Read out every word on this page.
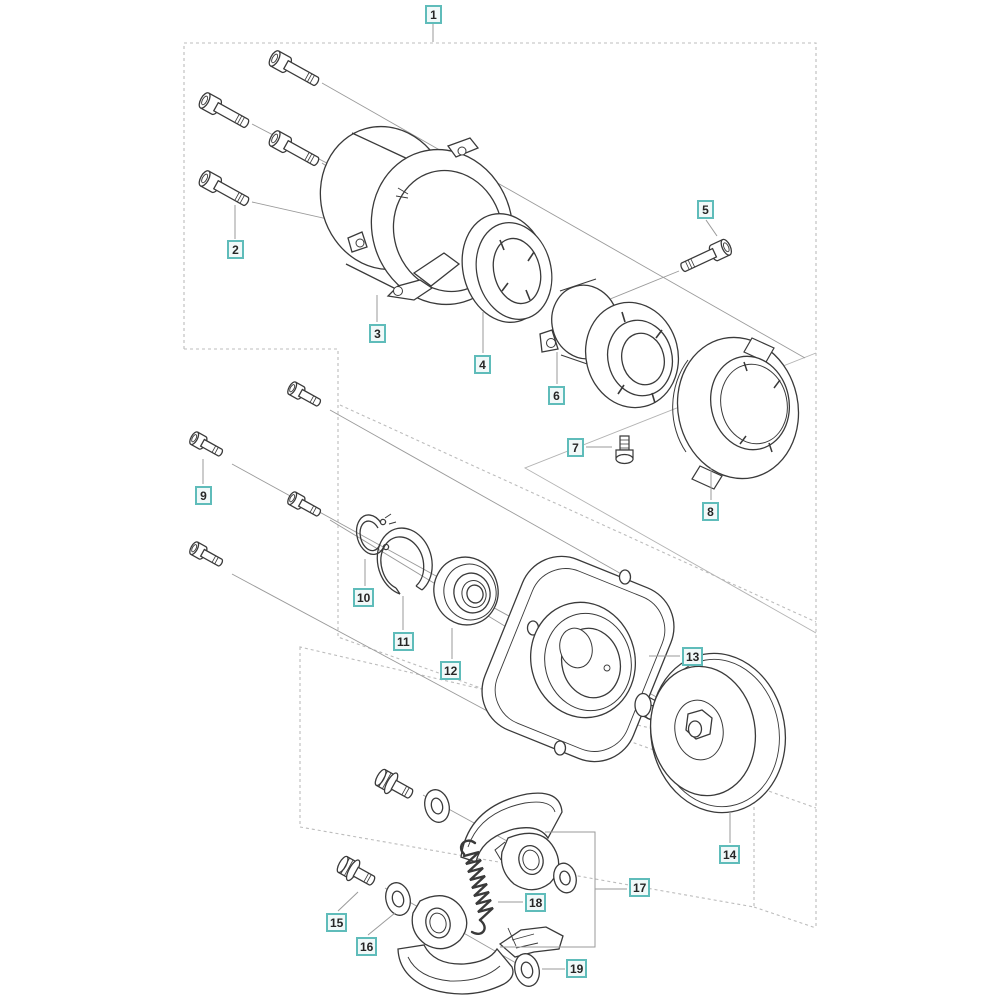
1
2
3
4
5
6
7
8
9
10
11
12
13
14
15
16
17
18
19
